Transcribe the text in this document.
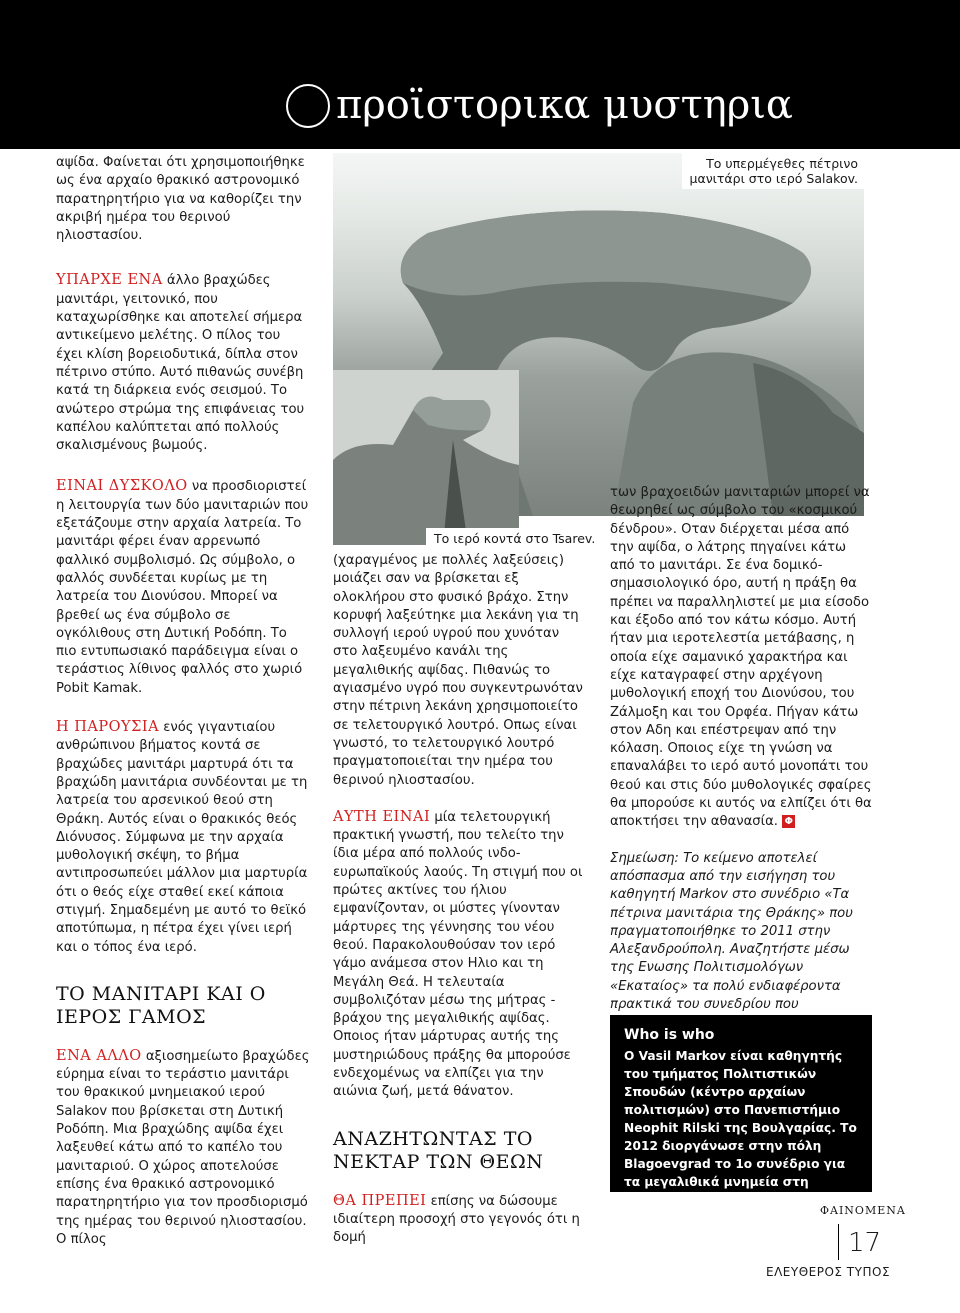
προϊστορικα μυστηρια
Το υπερμέγεθες πέτρινο μανιτάρι στο ιερό Salakov.
Το ιερό κοντά στο Tsarev.

αψίδα. Φαίνεται ότι χρησιμοποιήθηκε ως ένα αρχαίο θρακικό αστρονομικό παρατηρητήριο για να καθορίζει την ακριβή ημέρα του θερινού ηλιοστασίου.

ΥΠΑΡΧΕ ΕΝΑ άλλο βραχώδες μανιτάρι, γειτονικό, που καταχωρίσθηκε και αποτελεί σήμερα αντικείμενο μελέτης. Ο πίλος του έχει κλίση βορειοδυτικά, δίπλα στον πέτρινο στύπο. Αυτό πιθανώς συνέβη κατά τη διάρκεια ενός σεισμού. Το ανώτερο στρώμα της επιφάνειας του καπέλου καλύπτεται από πολλούς σκαλισμένους βωμούς.

ΕΙΝΑΙ ΔΥΣΚΟΛΟ να προσδιοριστεί η λειτουργία των δύο μανιταριών που εξετάζουμε στην αρχαία λατρεία. Το μανιτάρι φέρει έναν αρρενωπό φαλλικό συμβολισμό. Ως σύμβολο, ο φαλλός συνδέεται κυρίως με τη λατρεία του Διονύσου. Μπορεί να βρεθεί ως ένα σύμβολο σε ογκόλιθους στη Δυτική Ροδόπη. Το πιο εντυπωσιακό παράδειγμα είναι ο τεράστιος λίθινος φαλλός στο χωριό Pobit Kamak.

Η ΠΑΡΟΥΣΙΑ ενός γιγαντιαίου ανθρώπινου βήματος κοντά σε βραχώδες μανιτάρι μαρτυρά ότι τα βραχώδη μανιτάρια συνδέονται με τη λατρεία του αρσενικού θεού στη Θράκη. Αυτός είναι ο θρακικός θεός Διόνυσος. Σύμφωνα με την αρχαία μυθολογική σκέψη, το βήμα αντιπροσωπεύει μάλλον μια μαρτυρία ότι ο θεός είχε σταθεί εκεί κάποια στιγμή. Σημαδεμένη με αυτό το θεϊκό αποτύπωμα, η πέτρα έχει γίνει ιερή και ο τόπος ένα ιερό.

ΤΟ ΜΑΝΙΤΑΡΙ ΚΑΙ Ο ΙΕΡΟΣ ΓΑΜΟΣ

ΕΝΑ ΑΛΛΟ αξιοσημείωτο βραχώδες εύρημα είναι το τεράστιο μανιτάρι του θρακικού μνημειακού ιερού Salakov που βρίσκεται στη Δυτική Ροδόπη. Μια βραχώδης αψίδα έχει λαξευθεί κάτω από το καπέλο του μανιταριού. Ο χώρος αποτελούσε επίσης ένα θρακικό αστρονομικό παρατηρητήριο για τον προσδιορισμό της ημέρας του θερινού ηλιοστασίου. Ο πίλος

(χαραγμένος με πολλές λαξεύσεις) μοιάζει σαν να βρίσκεται εξ ολοκλήρου στο φυσικό βράχο. Στην κορυφή λαξεύτηκε μια λεκάνη για τη συλλογή ιερού υγρού που χυνόταν στο λαξευμένο κανάλι της μεγαλιθικής αψίδας. Πιθανώς το αγιασμένο υγρό που συγκεντρωνόταν στην πέτρινη λεκάνη χρησιμοποιείτο σε τελετουργικό λουτρό. Οπως είναι γνωστό, το τελετουργικό λουτρό πραγματοποιείται την ημέρα του θερινού ηλιοστασίου.

ΑΥΤΗ ΕΙΝΑΙ μία τελετουργική πρακτική γνωστή, που τελείτο την ίδια μέρα από πολλούς ινδο-ευρωπαϊκούς λαούς. Τη στιγμή που οι πρώτες ακτίνες του ήλιου εμφανίζονταν, οι μύστες γίνονταν μάρτυρες της γέννησης του νέου θεού. Παρακολουθούσαν τον ιερό γάμο ανάμεσα στον Ηλιο και τη Μεγάλη Θεά. Η τελευταία συμβολιζόταν μέσω της μήτρας - βράχου της μεγαλιθικής αψίδας. Οποιος ήταν μάρτυρας αυτής της μυστηριώδους πράξης θα μπορούσε ενδεχομένως να ελπίζει για την αιώνια ζωή, μετά θάνατον.

ΑΝΑΖΗΤΩΝΤΑΣ ΤΟ ΝΕΚΤΑΡ ΤΩΝ ΘΕΩΝ

ΘΑ ΠΡΕΠΕΙ επίσης να δώσουμε ιδιαίτερη προσοχή στο γεγονός ότι η δομή

των βραχοειδών μανιταριών μπορεί να θεωρηθεί ως σύμβολο του «κοσμικού δένδρου». Οταν διέρχεται μέσα από την αψίδα, ο λάτρης πηγαίνει κάτω από το μανιτάρι. Σε ένα δομικό-σημασιολογικό όρο, αυτή η πράξη θα πρέπει να παραλληλιστεί με μια είσοδο και έξοδο από τον κάτω κόσμο. Αυτή ήταν μια ιεροτελεστία μετάβασης, η οποία είχε σαμανικό χαρακτήρα και είχε καταγραφεί στην αρχέγονη μυθολογική εποχή του Διονύσου, του Ζάλμοξη και του Ορφέα. Πήγαν κάτω στον Αδη και επέστρεψαν από την κόλαση. Οποιος είχε τη γνώση να επαναλάβει το ιερό αυτό μονοπάτι του θεού και στις δύο μυθολογικές σφαίρες θα μπορούσε κι αυτός να ελπίζει ότι θα αποκτήσει την αθανασία. Φ

Σημείωση: Το κείμενο αποτελεί απόσπασμα από την εισήγηση του καθηγητή Markov στο συνέδριο «Τα πέτρινα μανιτάρια της Θράκης» που πραγματοποιήθηκε το 2011 στην Αλεξανδρούπολη. Αναζητήστε μέσω της Ενωσης Πολιτισμολόγων «Εκαταίος» τα πολύ ενδιαφέροντα πρακτικά του συνεδρίου που

Who is who
Ο Vasil Markov είναι καθηγητής του τμήματος Πολιτιστικών Σπουδών (κέντρο αρχαίων πολιτισμών) στο Πανεπιστήμιο Neophit Rilski της Βουλγαρίας. Το 2012 διοργάνωσε στην πόλη Blagoevgrad το 1ο συνέδριο για τα μεγαλιθικά μνημεία στη Νοτιοανατολική Ευρώπη.
ΦΑΙΝΟΜΕΝΑ
17
ΕΛΕΥΘΕΡΟΣ ΤΥΠΟΣ
